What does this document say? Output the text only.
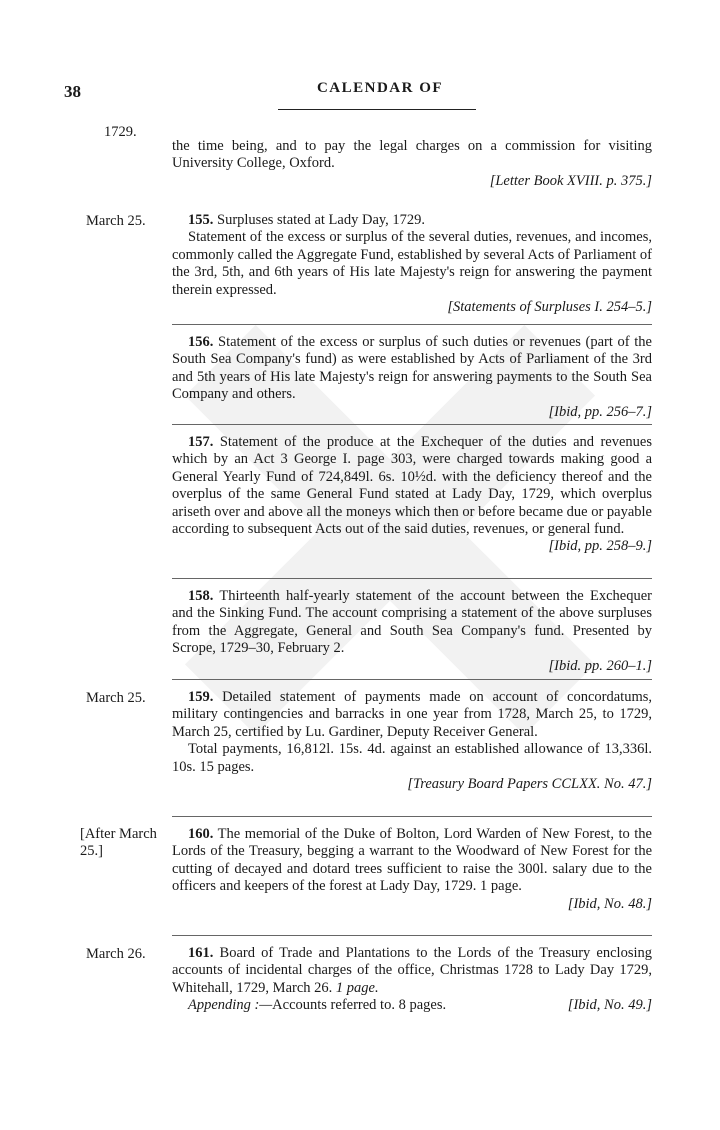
38	CALENDAR OF
1729.

the time being, and to pay the legal charges on a commission for visiting University College, Oxford.

[Letter Book XVIII. p. 375.]

March 25.	155. Surpluses stated at Lady Day, 1729.

Statement of the excess or surplus of the several duties, revenues, and incomes, commonly called the Aggregate Fund, established by several Acts of Parliament of the 3rd, 5th, and 6th years of His late Majesty's reign for answering the payment therein expressed.

[Statements of Surpluses I. 254–5.]

156. Statement of the excess or surplus of such duties or revenues (part of the South Sea Company's fund) as were established by Acts of Parliament of the 3rd and 5th years of His late Majesty's reign for answering payments to the South Sea Company and others.

[Ibid, pp. 256–7.]

157. Statement of the produce at the Exchequer of the duties and revenues which by an Act 3 George I. page 303, were charged towards making good a General Yearly Fund of 724,849l. 6s. 10½d. with the deficiency thereof and the overplus of the same General Fund stated at Lady Day, 1729, which overplus ariseth over and above all the moneys which then or before became due or payable according to subsequent Acts out of the said duties, revenues, or general fund.

[Ibid, pp. 258–9.]

158. Thirteenth half-yearly statement of the account between the Exchequer and the Sinking Fund. The account comprising a statement of the above surpluses from the Aggregate, General and South Sea Company's fund. Presented by Scrope, 1729–30, February 2.

[Ibid. pp. 260–1.]

March 25.	159. Detailed statement of payments made on account of concordatums, military contingencies and barracks in one year from 1728, March 25, to 1729, March 25, certified by Lu. Gardiner, Deputy Receiver General.

Total payments, 16,812l. 15s. 4d. against an established allowance of 13,336l. 10s. 15 pages.

[Treasury Board Papers CCLXX. No. 47.]

[After March 25.]

160. The memorial of the Duke of Bolton, Lord Warden of New Forest, to the Lords of the Treasury, begging a warrant to the Woodward of New Forest for the cutting of decayed and dotard trees sufficient to raise the 300l. salary due to the officers and keepers of the forest at Lady Day, 1729. 1 page.

[Ibid, No. 48.]

March 26.	161. Board of Trade and Plantations to the Lords of the Treasury enclosing accounts of incidental charges of the office, Christmas 1728 to Lady Day 1729, Whitehall, 1729, March 26. 1 page.

Appending :—Accounts referred to. 8 pages.	[Ibid, No. 49.]
